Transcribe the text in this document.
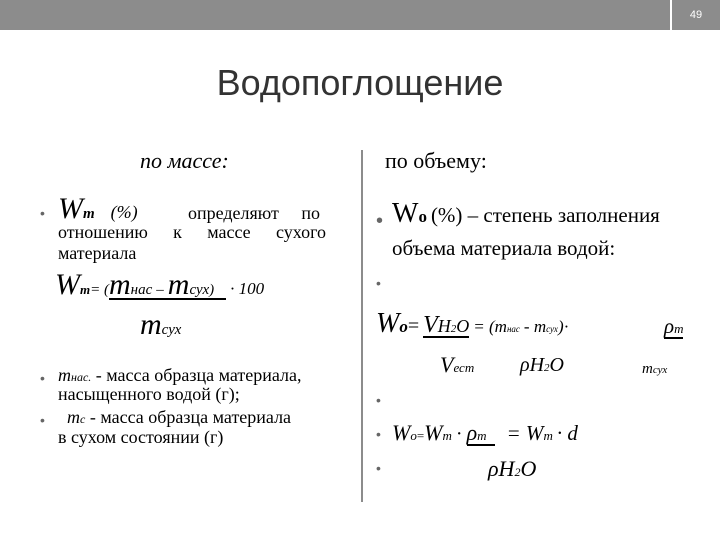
49
Водопоглощение
по массе:
• Wm (%)	определяют по
отношению к массе сухого
материала
Wm= (mнас – mсух) · 100
mсух
• mнас. - масса образца материала,
насыщенного водой (г);
•	mс - масса образца материала
в сухом состоянии (г)
по объему:
• Wо (%) – степень заполнения
объема материала водой:
•
Wо= VН2О = (mнас - mсух)·	ρm
Vест ρН2О	mсух
•
• Wо=Wm · ρm = Wm · d
•	ρН2О
